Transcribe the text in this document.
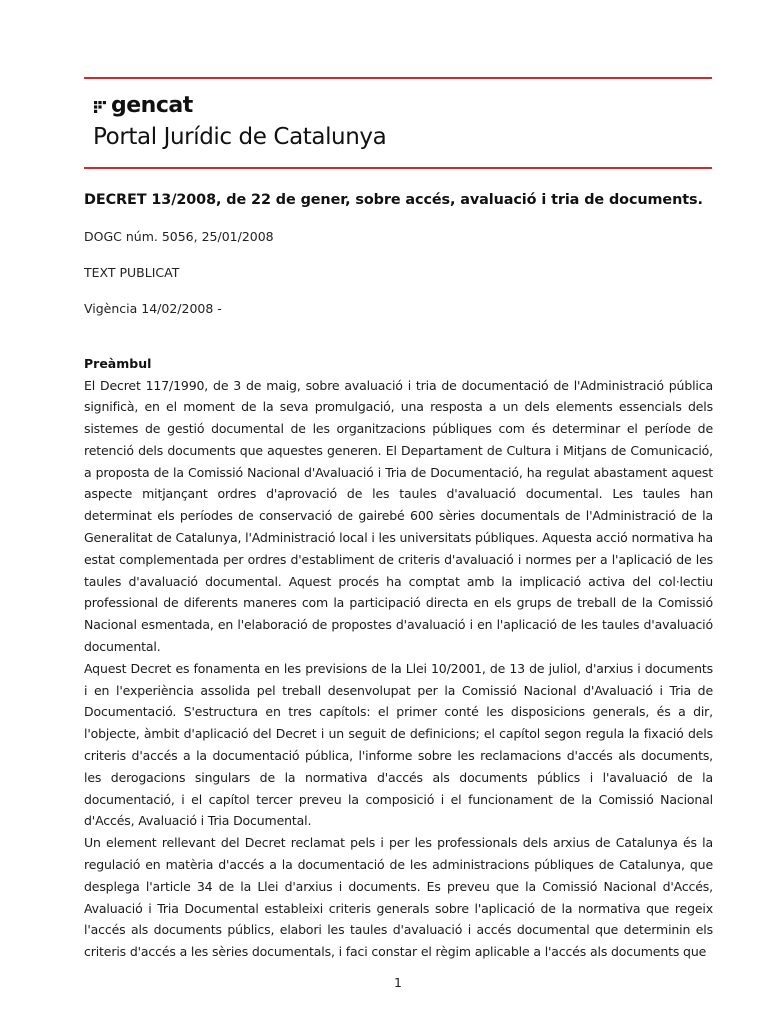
gencat
Portal Jurídic de Catalunya
DECRET 13/2008, de 22 de gener, sobre accés, avaluació i tria de documents.
DOGC núm. 5056, 25/01/2008
TEXT PUBLICAT
Vigència 14/02/2008 -
Preàmbul

El Decret 117/1990, de 3 de maig, sobre avaluació i tria de documentació de l'Administració pública significà, en el moment de la seva promulgació, una resposta a un dels elements essencials dels sistemes de gestió documental de les organitzacions públiques com és determinar el període de retenció dels documents que aquestes generen. El Departament de Cultura i Mitjans de Comunicació, a proposta de la Comissió Nacional d'Avaluació i Tria de Documentació, ha regulat abastament aquest aspecte mitjançant ordres d'aprovació de les taules d'avaluació documental. Les taules han determinat els períodes de conservació de gairebé 600 sèries documentals de l'Administració de la Generalitat de Catalunya, l'Administració local i les universitats públiques. Aquesta acció normativa ha estat complementada per ordres d'establiment de criteris d'avaluació i normes per a l'aplicació de les taules d'avaluació documental. Aquest procés ha comptat amb la implicació activa del col·lectiu professional de diferents maneres com la participació directa en els grups de treball de la Comissió Nacional esmentada, en l'elaboració de propostes d'avaluació i en l'aplicació de les taules d'avaluació documental.

Aquest Decret es fonamenta en les previsions de la Llei 10/2001, de 13 de juliol, d'arxius i documents i en l'experiència assolida pel treball desenvolupat per la Comissió Nacional d'Avaluació i Tria de Documentació. S'estructura en tres capítols: el primer conté les disposicions generals, és a dir, l'objecte, àmbit d'aplicació del Decret i un seguit de definicions; el capítol segon regula la fixació dels criteris d'accés a la documentació pública, l'informe sobre les reclamacions d'accés als documents, les derogacions singulars de la normativa d'accés als documents públics i l'avaluació de la documentació, i el capítol tercer preveu la composició i el funcionament de la Comissió Nacional d'Accés, Avaluació i Tria Documental.

Un element rellevant del Decret reclamat pels i per les professionals dels arxius de Catalunya és la regulació en matèria d'accés a la documentació de les administracions públiques de Catalunya, que desplega l'article 34 de la Llei d'arxius i documents. Es preveu que la Comissió Nacional d'Accés, Avaluació i Tria Documental estableixi criteris generals sobre l'aplicació de la normativa que regeix l'accés als documents públics, elabori les taules d'avaluació i accés documental que determinin els criteris d'accés a les sèries documentals, i faci constar el règim aplicable a l'accés als documents que

1
